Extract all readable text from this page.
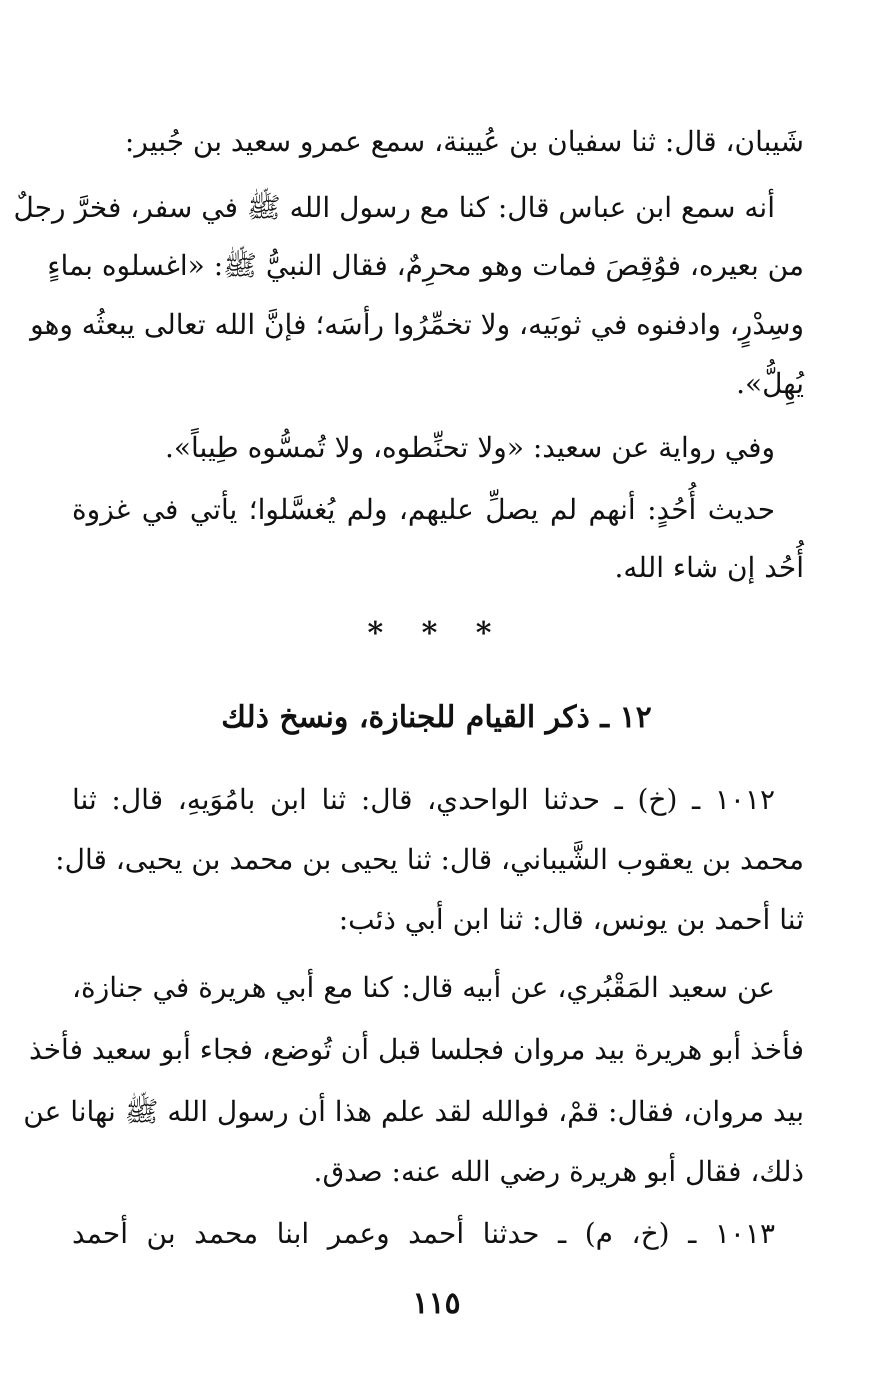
شَيبان، قال: ثنا سفيان بن عُيينة، سمع عمرو سعيد بن جُبير:
أنه سمع ابن عباس قال: كنا مع رسول الله ﷺ في سفر، فخرَّ رجلٌ
من بعيره، فوُقِصَ فمات وهو محرِمٌ، فقال النبيُّ ﷺ: «اغسلوه بماءٍ
وسِدْرٍ، وادفنوه في ثوبَيه، ولا تخمِّرُوا رأسَه؛ فإنَّ الله تعالى يبعثُه وهو
يُهِلُّ».
وفي رواية عن سعيد: «ولا تحنِّطوه، ولا تُمسُّوه طِيباً».
حديث أُحُدٍ: أنهم لم يصلِّ عليهم، ولم يُغسَّلوا؛ يأتي في غزوة
أُحُد إن شاء الله.
* * *
١٢ ـ ذكر القيام للجنازة، ونسخ ذلك
١٠١٢ ـ (خ) ـ حدثنا الواحدي، قال: ثنا ابن بامُوَيهِ، قال: ثنا
محمد بن يعقوب الشَّيباني، قال: ثنا يحيى بن محمد بن يحيى، قال:
ثنا أحمد بن يونس، قال: ثنا ابن أبي ذئب:
عن سعيد المَقْبُري، عن أبيه قال: كنا مع أبي هريرة في جنازة،
فأخذ أبو هريرة بيد مروان فجلسا قبل أن تُوضع، فجاء أبو سعيد فأخذ
بيد مروان، فقال: قمْ، فوالله لقد علم هذا أن رسول الله ﷺ نهانا عن
ذلك، فقال أبو هريرة رضي الله عنه: صدق.
١٠١٣ ـ (خ، م) ـ حدثنا أحمد وعمر ابنا محمد بن أحمد
١١٥
